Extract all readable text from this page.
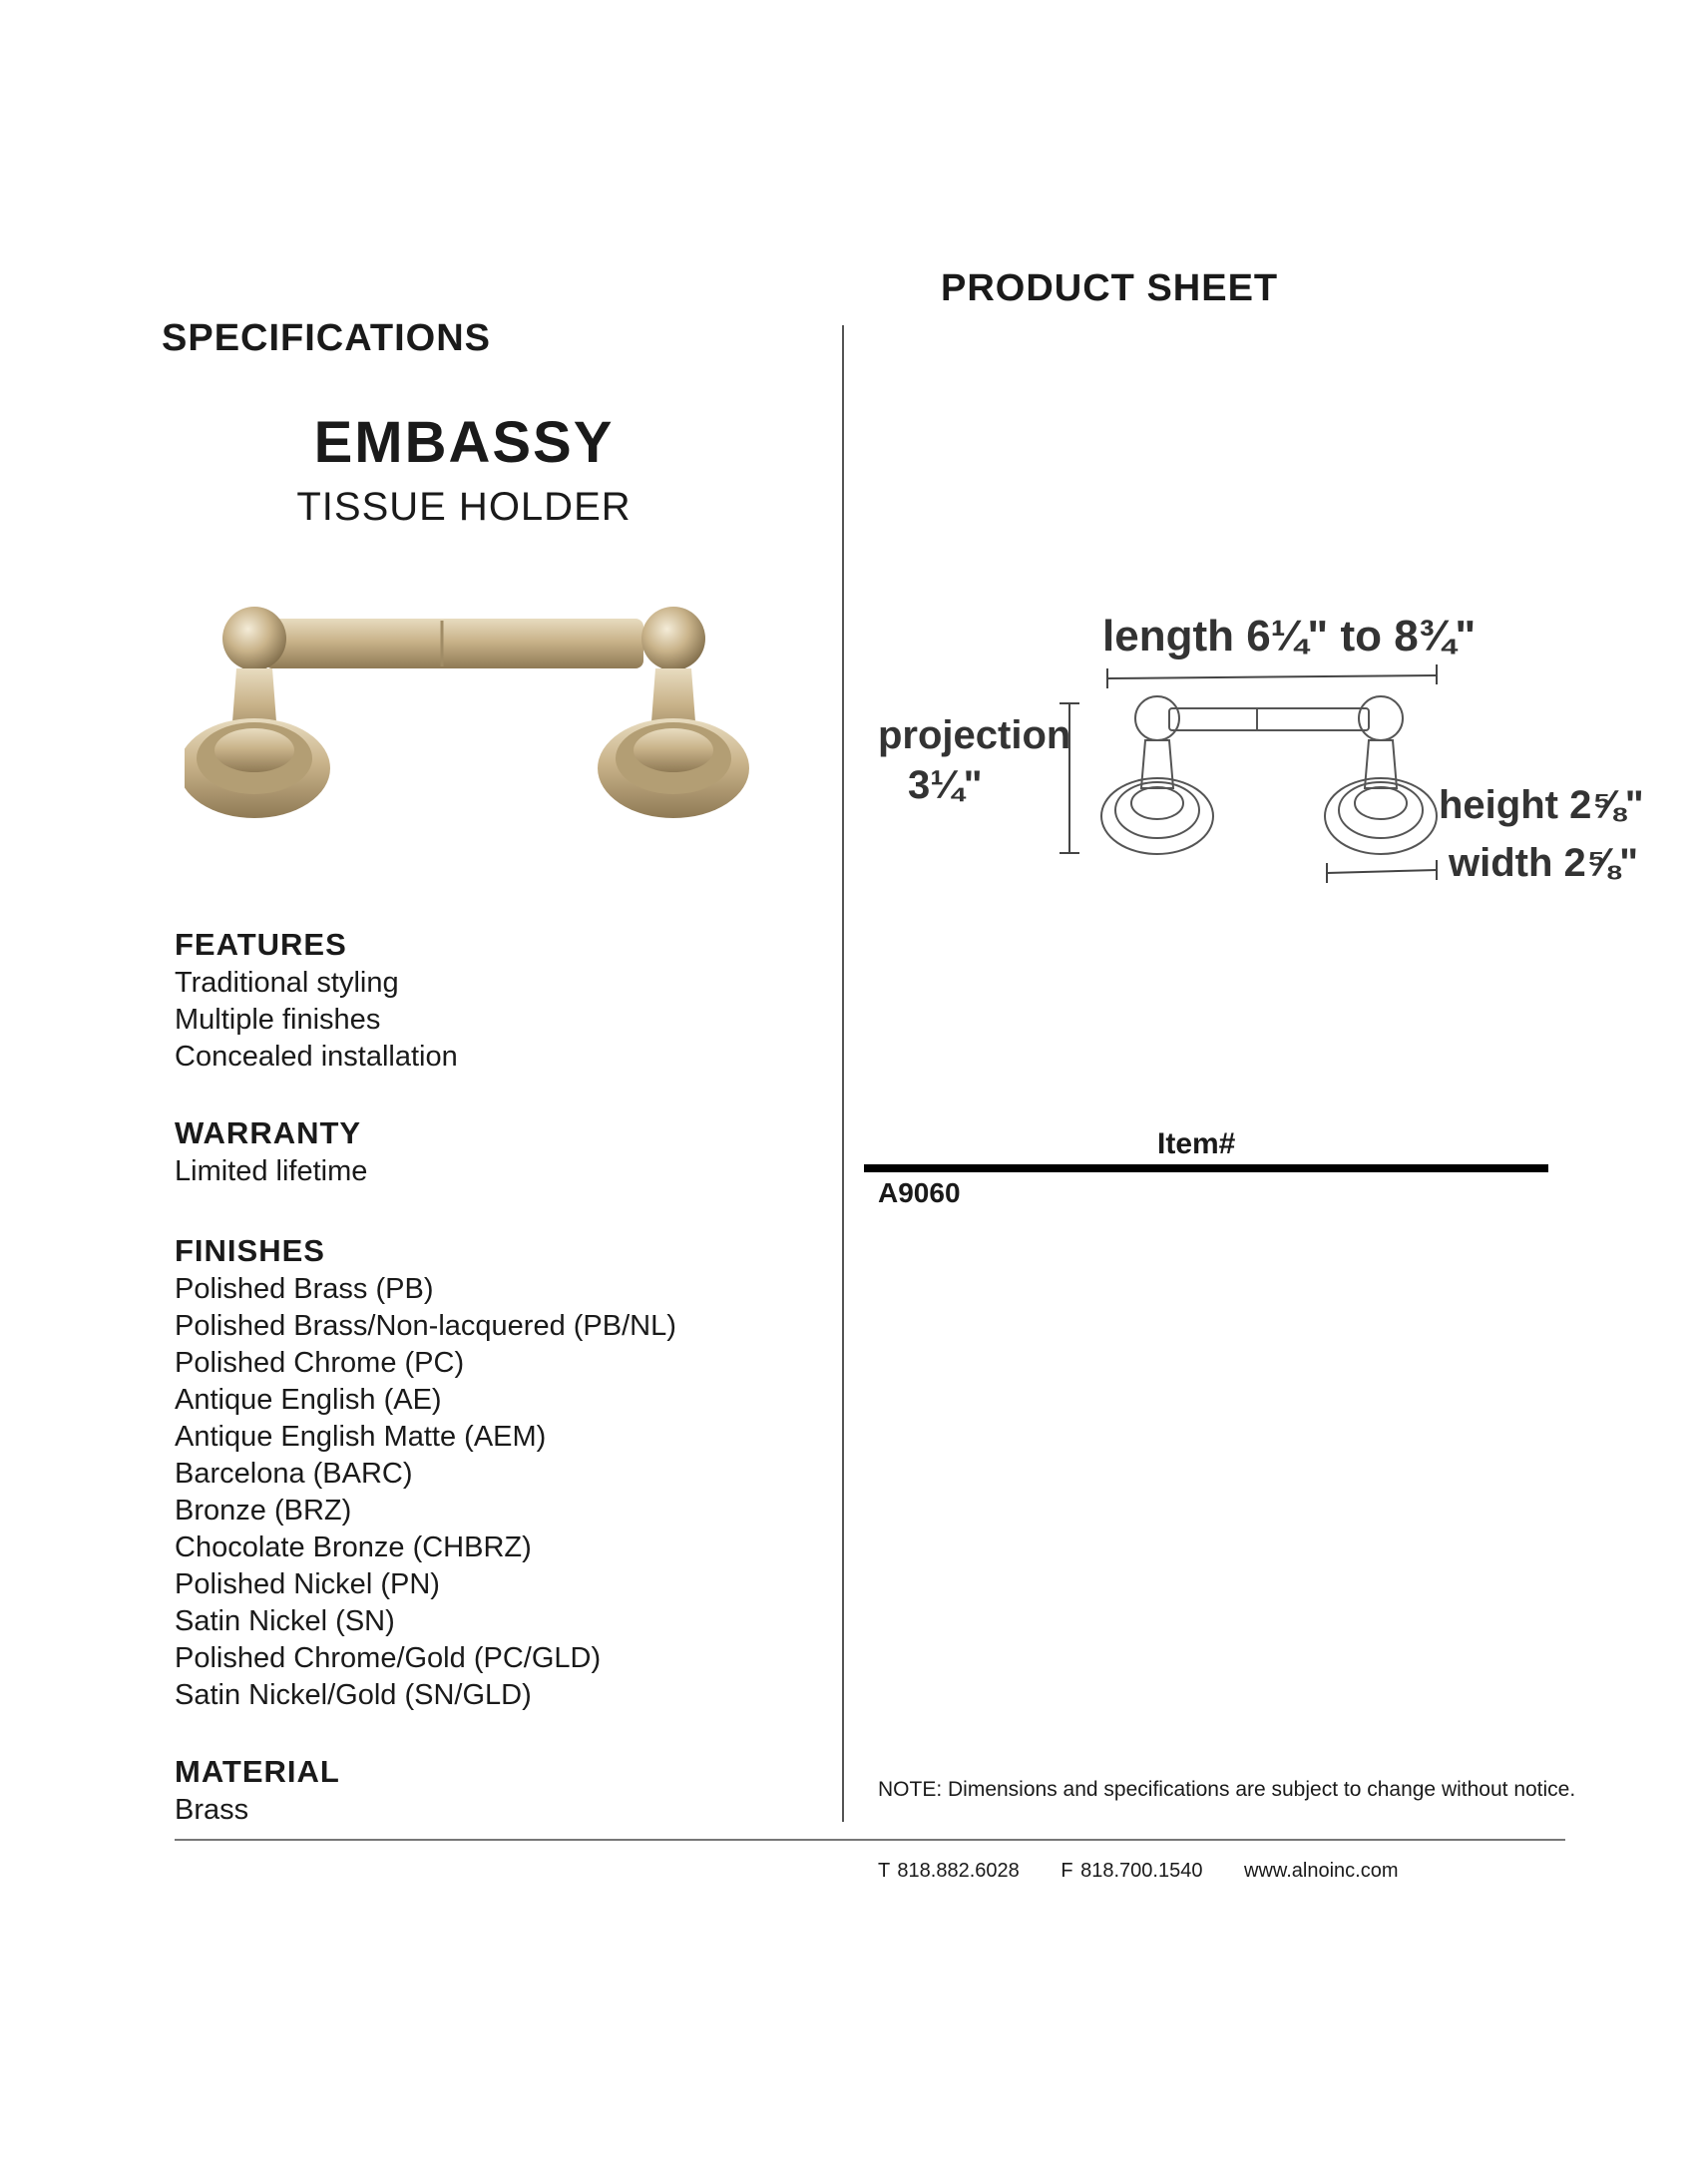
PRODUCT SHEET
SPECIFICATIONS
EMBASSY
TISSUE HOLDER
FEATURES
Traditional styling
Multiple finishes
Concealed installation
WARRANTY
Limited lifetime
FINISHES
Polished Brass (PB)
Polished Brass/Non-lacquered (PB/NL)
Polished Chrome (PC)
Antique English (AE)
Antique English Matte (AEM)
Barcelona (BARC)
Bronze (BRZ)
Chocolate Bronze (CHBRZ)
Polished Nickel (PN)
Satin Nickel (SN)
Polished Chrome/Gold (PC/GLD)
Satin Nickel/Gold (SN/GLD)
MATERIAL
Brass
length 6¼" to 8¾"
projection
3¼"	height 2⅝"
width 2⅝"
Item#
A9060
NOTE: Dimensions and specifications are subject to change without notice.
T 818.882.6028 F 818.700.1540 www.alnoinc.com
